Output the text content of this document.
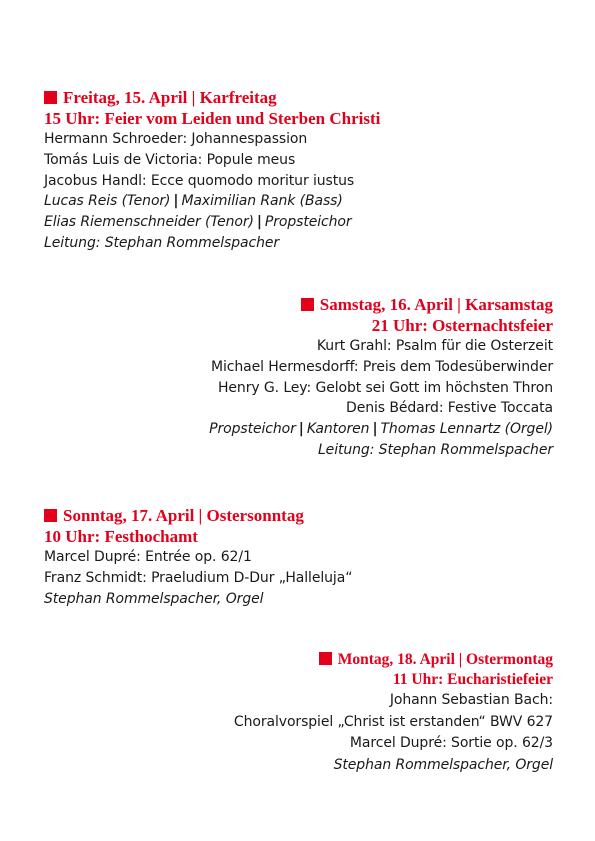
Freitag, 15. April | Karfreitag
15 Uhr: Feier vom Leiden und Sterben Christi
Hermann Schroeder: Johannespassion
Tomás Luis de Victoria: Popule meus
Jacobus Handl: Ecce quomodo moritur iustus
Lucas Reis (Tenor) | Maximilian Rank (Bass)
Elias Riemenschneider (Tenor) | Propsteichor
Leitung: Stephan Rommelspacher
Samstag, 16. April | Karsamstag
21 Uhr: Osternachtsfeier
Kurt Grahl: Psalm für die Osterzeit
Michael Hermesdorff: Preis dem Todesüberwinder
Henry G. Ley: Gelobt sei Gott im höchsten Thron
Denis Bédard: Festive Toccata
Propsteichor | Kantoren | Thomas Lennartz (Orgel)
Leitung: Stephan Rommelspacher
Sonntag, 17. April | Ostersonntag
10 Uhr: Festhochamt
Marcel Dupré: Entrée op. 62/1
Franz Schmidt: Praeludium D-Dur „Halleluja“
Stephan Rommelspacher, Orgel
Montag, 18. April | Ostermontag
11 Uhr: Eucharistiefeier
Johann Sebastian Bach:
Choralvorspiel „Christ ist erstanden“ BWV 627
Marcel Dupré: Sortie op. 62/3
Stephan Rommelspacher, Orgel
